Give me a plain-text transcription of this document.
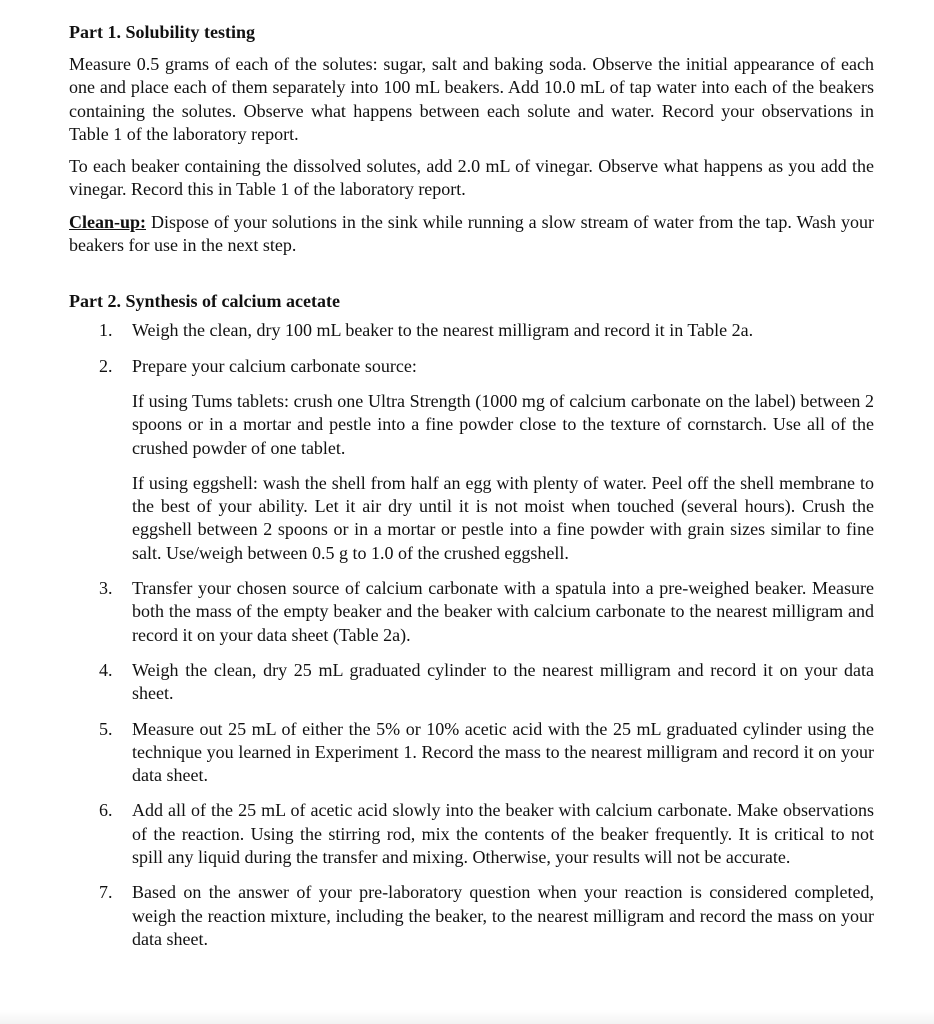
Part 1. Solubility testing

Measure 0.5 grams of each of the solutes: sugar, salt and baking soda. Observe the initial appearance of each one and place each of them separately into 100 mL beakers. Add 10.0 mL of tap water into each of the beakers containing the solutes. Observe what happens between each solute and water. Record your observations in Table 1 of the laboratory report.

To each beaker containing the dissolved solutes, add 2.0 mL of vinegar. Observe what happens as you add the vinegar. Record this in Table 1 of the laboratory report.

Clean-up: Dispose of your solutions in the sink while running a slow stream of water from the tap. Wash your beakers for use in the next step.

Part 2. Synthesis of calcium acetate
1. Weigh the clean, dry 100 mL beaker to the nearest milligram and record it in Table 2a.

2. Prepare your calcium carbonate source:

If using Tums tablets: crush one Ultra Strength (1000 mg of calcium carbonate on the label) between 2 spoons or in a mortar and pestle into a fine powder close to the texture of cornstarch. Use all of the crushed powder of one tablet.

If using eggshell: wash the shell from half an egg with plenty of water. Peel off the shell membrane to the best of your ability. Let it air dry until it is not moist when touched (several hours). Crush the eggshell between 2 spoons or in a mortar or pestle into a fine powder with grain sizes similar to fine salt. Use/weigh between 0.5 g to 1.0 of the crushed eggshell.

3. Transfer your chosen source of calcium carbonate with a spatula into a pre-weighed beaker. Measure both the mass of the empty beaker and the beaker with calcium carbonate to the nearest milligram and record it on your data sheet (Table 2a).

4. Weigh the clean, dry 25 mL graduated cylinder to the nearest milligram and record it on your data sheet.

5. Measure out 25 mL of either the 5% or 10% acetic acid with the 25 mL graduated cylinder using the technique you learned in Experiment 1. Record the mass to the nearest milligram and record it on your data sheet.

6. Add all of the 25 mL of acetic acid slowly into the beaker with calcium carbonate. Make observations of the reaction. Using the stirring rod, mix the contents of the beaker frequently. It is critical to not spill any liquid during the transfer and mixing. Otherwise, your results will not be accurate.

7. Based on the answer of your pre-laboratory question when your reaction is considered completed, weigh the reaction mixture, including the beaker, to the nearest milligram and record the mass on your data sheet.
